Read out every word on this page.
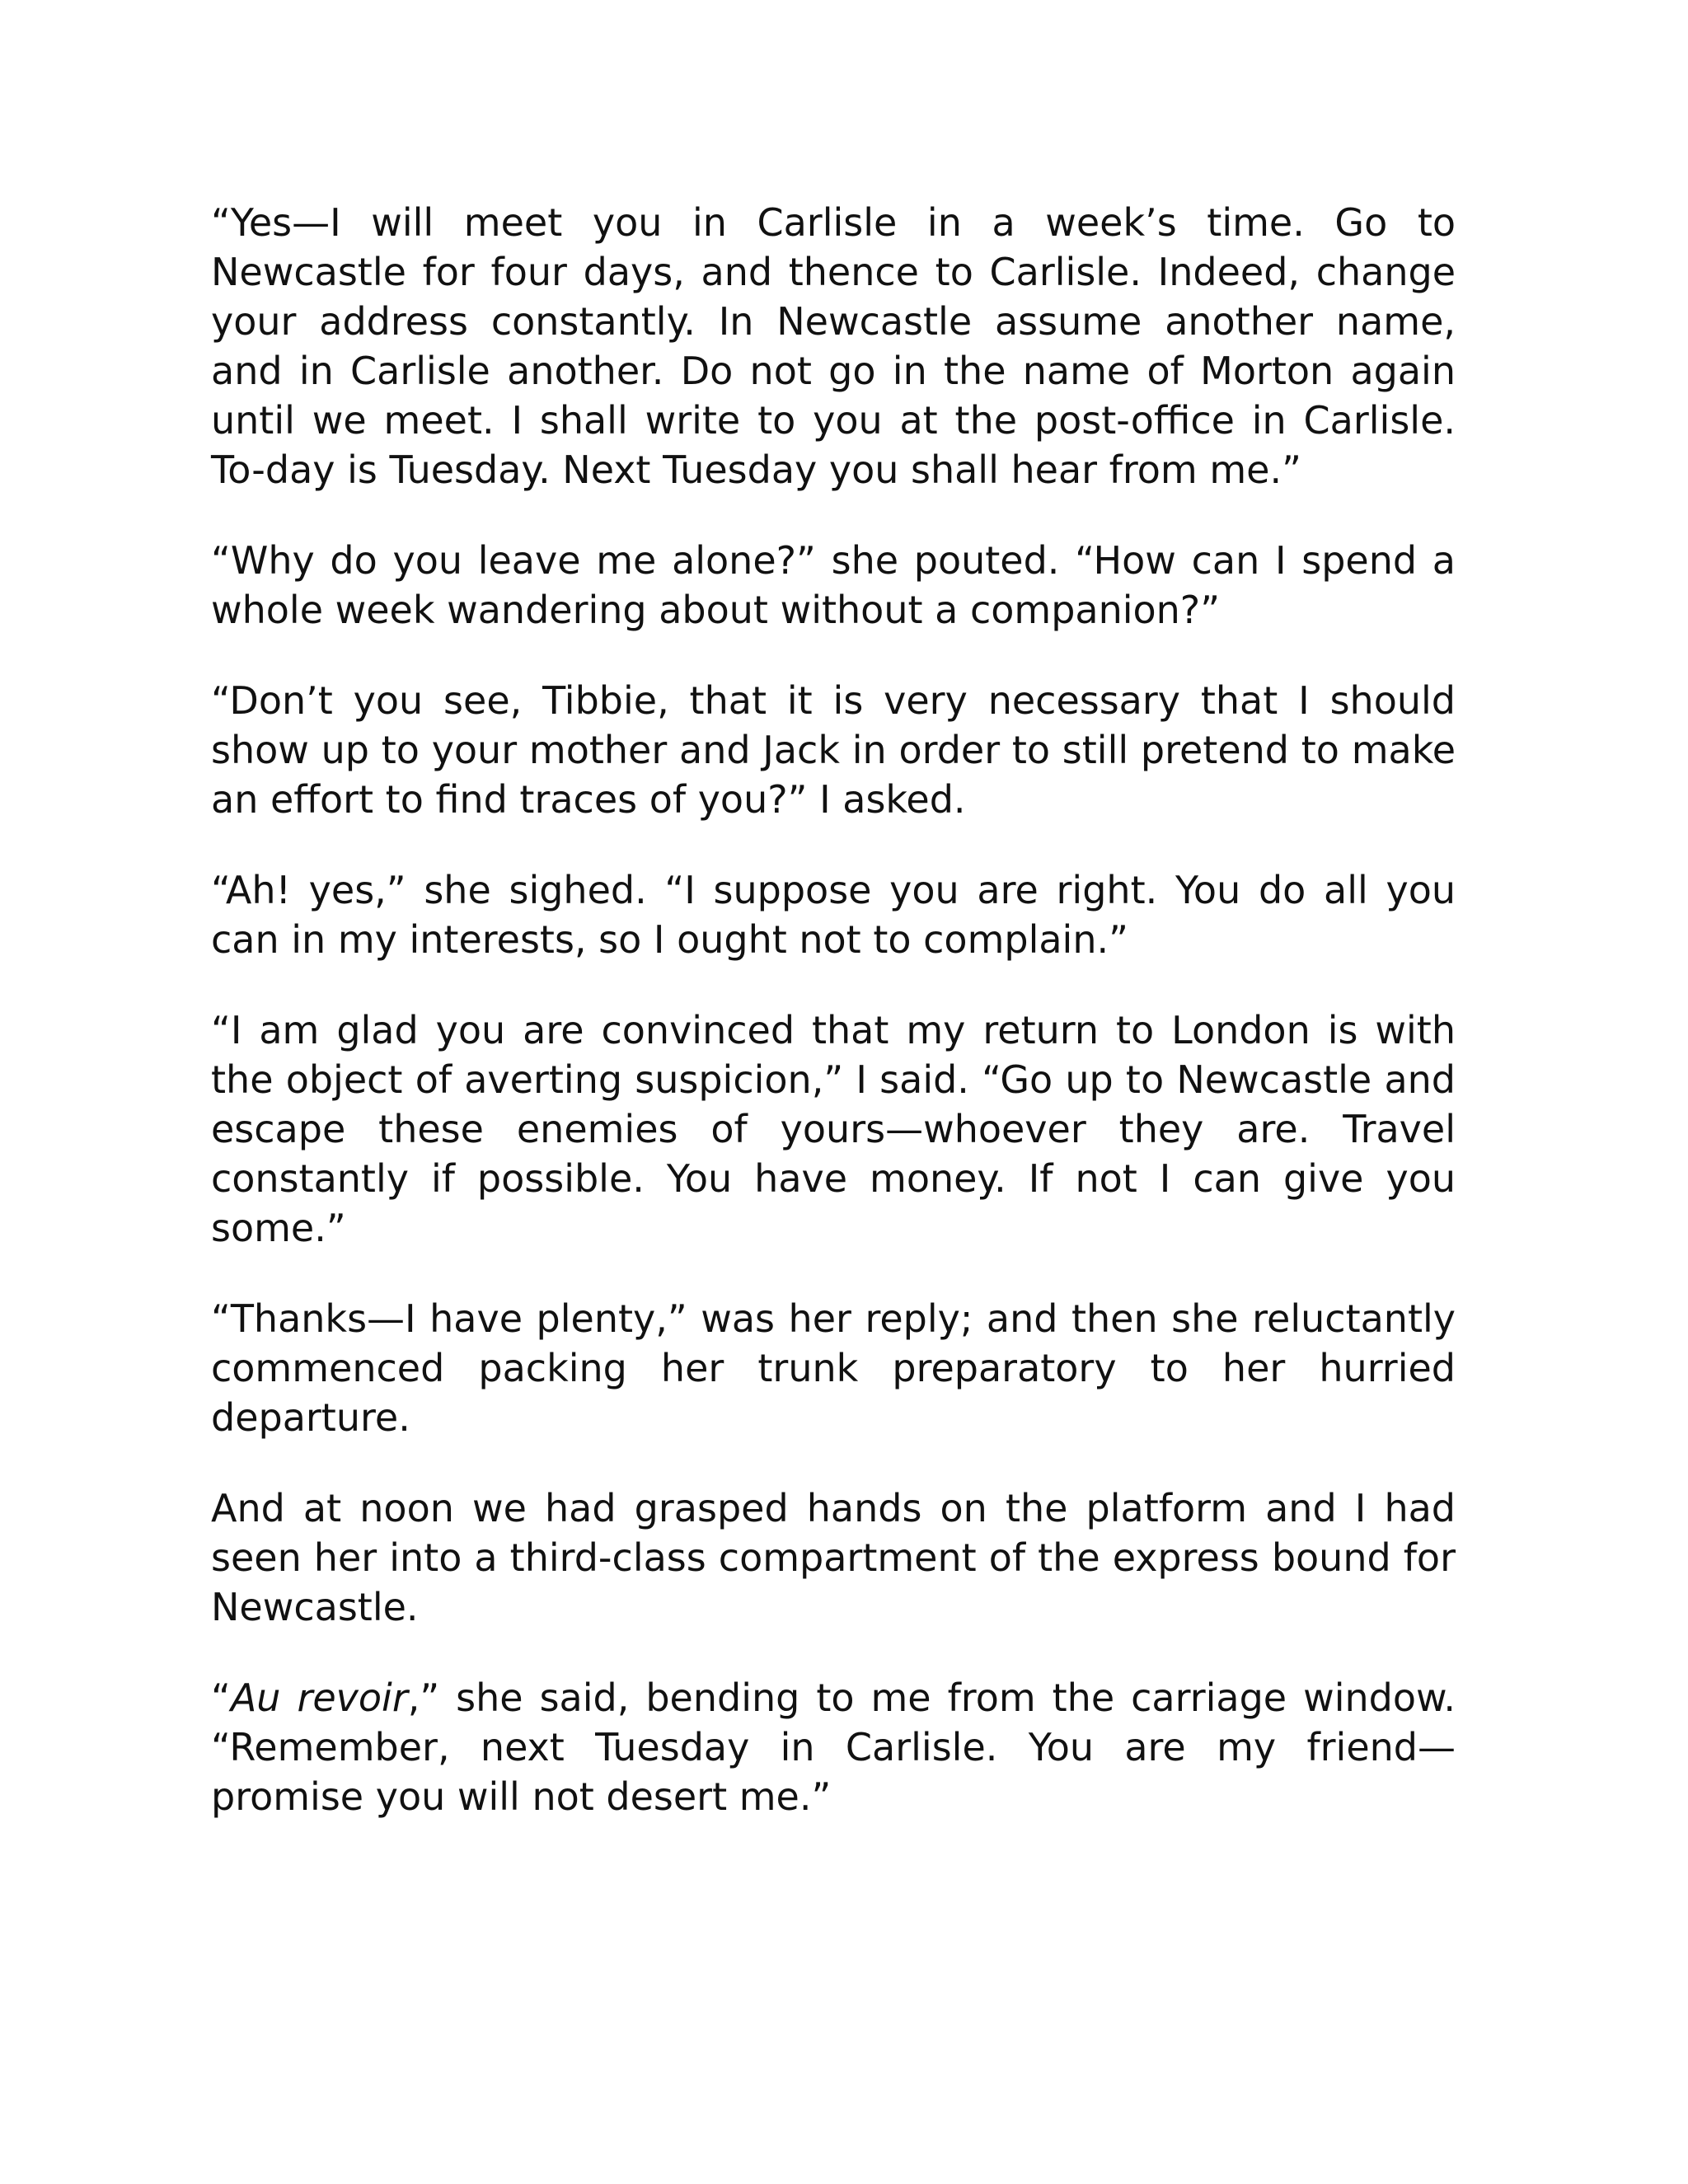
“Yes—I will meet you in Carlisle in a week’s time. Go to Newcastle for four days, and thence to Carlisle. Indeed, change your address constantly. In Newcastle assume another name, and in Carlisle another. Do not go in the name of Morton again until we meet. I shall write to you at the post-office in Carlisle. To-day is Tuesday. Next Tuesday you shall hear from me.”

“Why do you leave me alone?” she pouted. “How can I spend a whole week wandering about without a companion?”

“Don’t you see, Tibbie, that it is very necessary that I should show up to your mother and Jack in order to still pretend to make an effort to find traces of you?” I asked.

“Ah! yes,” she sighed. “I suppose you are right. You do all you can in my interests, so I ought not to complain.”

“I am glad you are convinced that my return to London is with the object of averting suspicion,” I said. “Go up to Newcastle and escape these enemies of yours—whoever they are. Travel constantly if possible. You have money. If not I can give you some.”

“Thanks—I have plenty,” was her reply; and then she reluctantly commenced packing her trunk preparatory to her hurried departure.

And at noon we had grasped hands on the platform and I had seen her into a third-class compartment of the express bound for Newcastle.

“Au revoir,” she said, bending to me from the carriage window. “Remember, next Tuesday in Carlisle. You are my friend—promise you will not desert me.”
